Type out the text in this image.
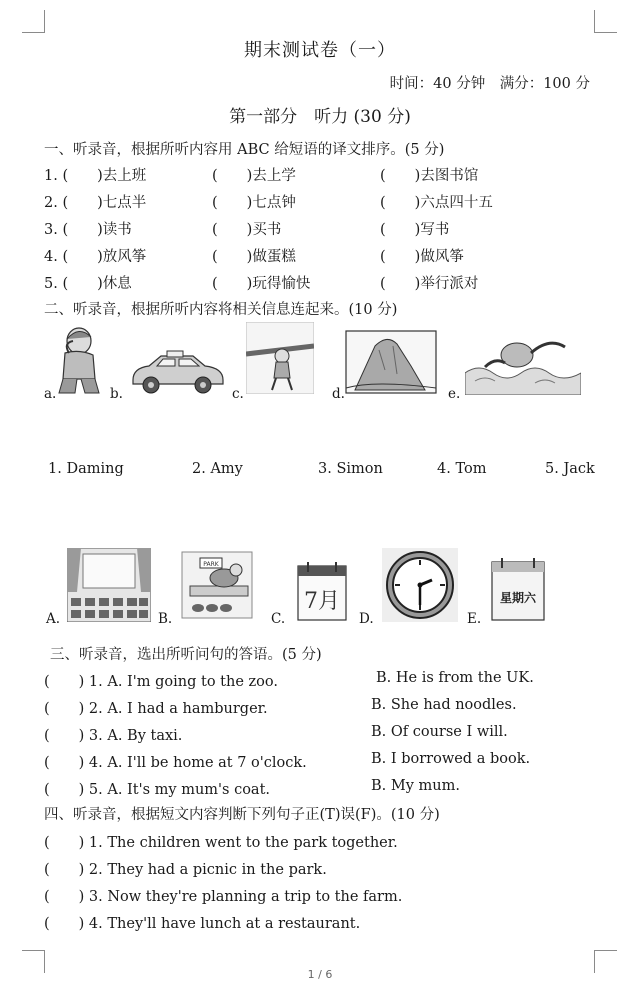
期末测试卷（一）
时间：40 分钟　满分：100 分
第一部分　听力 (30 分)
一、听录音，根据所听内容用 ABC 给短语的译文排序。(5 分)
1. (　　)去上班	(　　)去上学	(　　)去图书馆
2. (　　)七点半	(　　)七点钟	(　　)六点四十五
3. (　　)读书	(　　)买书	(　　)写书
4. (　　)放风筝	(　　)做蛋糕	(　　)做风筝
5. (　　)休息	(　　)玩得愉快	(　　)举行派对
二、听录音，根据所听内容将相关信息连起来。(10 分)
a.	b.	c.	d.	e.
1. Daming	2. Amy	3. Simon	4. Tom	5. Jack
PARK
7月	星期六
A.	B.	C.	D.	E.
三、听录音，选出所听问句的答语。(5 分)
(　　) 1. A. I'm going to the zoo.	B. He is from the UK.
(　　) 2. A. I had a hamburger.	B. She had noodles.
(　　) 3. A. By taxi.	B. Of course I will.
(　　) 4. A. I'll be home at 7 o'clock.	B. I borrowed a book.
(　　) 5. A. It's my mum's coat.	B. My mum.
四、听录音，根据短文内容判断下列句子正(T)误(F)。(10 分)
(　　) 1. The children went to the park together.
(　　) 2. They had a picnic in the park.
(　　) 3. Now they're planning a trip to the farm.
(　　) 4. They'll have lunch at a restaurant.
1 / 6
